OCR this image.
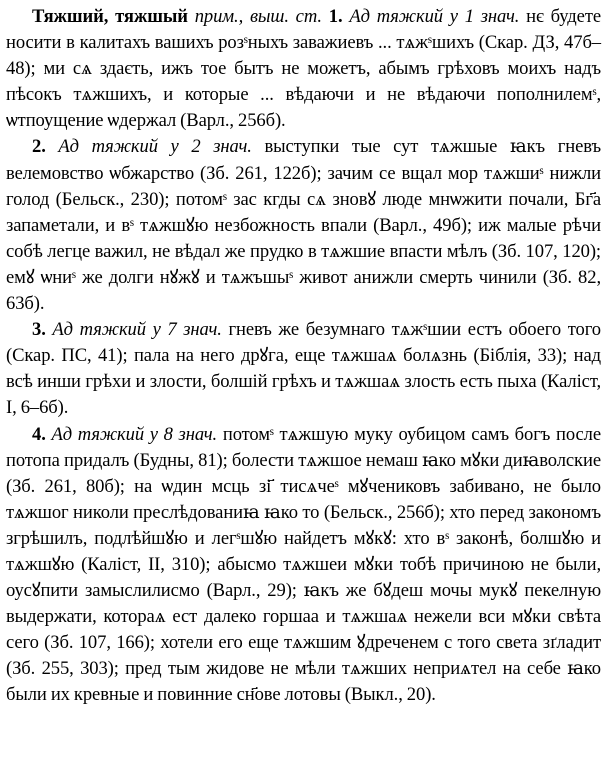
Тяжший, тяжшый прим., выш. ст. 1. Ад тяжкий у 1 знач. нє будете носити в калитахъ вашихъ розˢныхъ заважиевъ ... тѧжˢшихъ (Скар. ДЗ, 47б–48); ми сѧ здаєть, ижъ тое бытъ не можетъ, абымъ грѣховъ моихъ надъ пѣсокъ тѧжшихъ, и которые ... вѣдаючи и не вѣдаючи пополнилемˢ, ѡтпоущение ѡдержал (Варл., 256б).

2. Ад тяжкий у 2 знач. выступки тые сут тѧжшые ꙗкъ гневъ велемовство ѡбжарство (Зб. 261, 122б); зачим се вщал мор тѧжшиˢ нижли голод (Бельск., 230); потомˢ зас кгды сѧ зновꙋ люде мнѡжити почали, Бг҃а запаметали, и вˢ тѧжшꙋю незбожность впали (Варл., 49б); иж малые рѣчи собѣ легце важил, не вѣдал же прудко в тѧжшие впасти мѣлъ (Зб. 107, 120); емꙋ ѡниˢ же долги нꙋжꙋ и тѧжъшыˢ живот анижли смерть чинили (Зб. 82, 63б).

3. Ад тяжкий у 7 знач. гневъ же безумнаго тѧжˢшии естъ обоего того (Скар. ПС, 41); пала на него дрꙋга, еще тѧжшаѧ болѧзнь (Біблія, 33); над всѣ инши грѣхи и злости, болшій грѣхъ и тѧжшаѧ злость есть пыха (Каліст, I, 6–6б).

4. Ад тяжкий у 8 знач. потомˢ тѧжшую муку оубицом самъ богъ после потопа придалъ (Будны, 81); болести тѧжшое немаш ꙗко мꙋки диꙗволские (Зб. 261, 80б); на ѡдин мсць зі҃ тисѧчеˢ мꙋчениковъ забивано, не было тѧжшог николи преслѣдованиꙗ ꙗко то (Бельск., 256б); хто перед закономъ згрѣшилъ, подлѣйшꙋю и легˢшꙋю найдетъ мꙋкꙋ: хто вˢ законѣ, болшꙋю и тѧжшꙋю (Каліст, II, 310); абысмо тѧжшеи мꙋки тобѣ причиною не были, оусꙋпити замыслилисмо (Варл., 29); ꙗкъ же бꙋдеш мочы мукꙋ пекелную выдержати, котораѧ ест далеко горшаа и тѧжшаѧ нежели вси мꙋки свѣта сего (Зб. 107, 166); хотели его еще тѧжшим ꙋдреченем с того света зґладит (Зб. 255, 303); пред тым жидове не мѣли тѧжших неприѧтел на себе ꙗко были их кревные и повинние сн҃ове лотовы (Выкл., 20).
